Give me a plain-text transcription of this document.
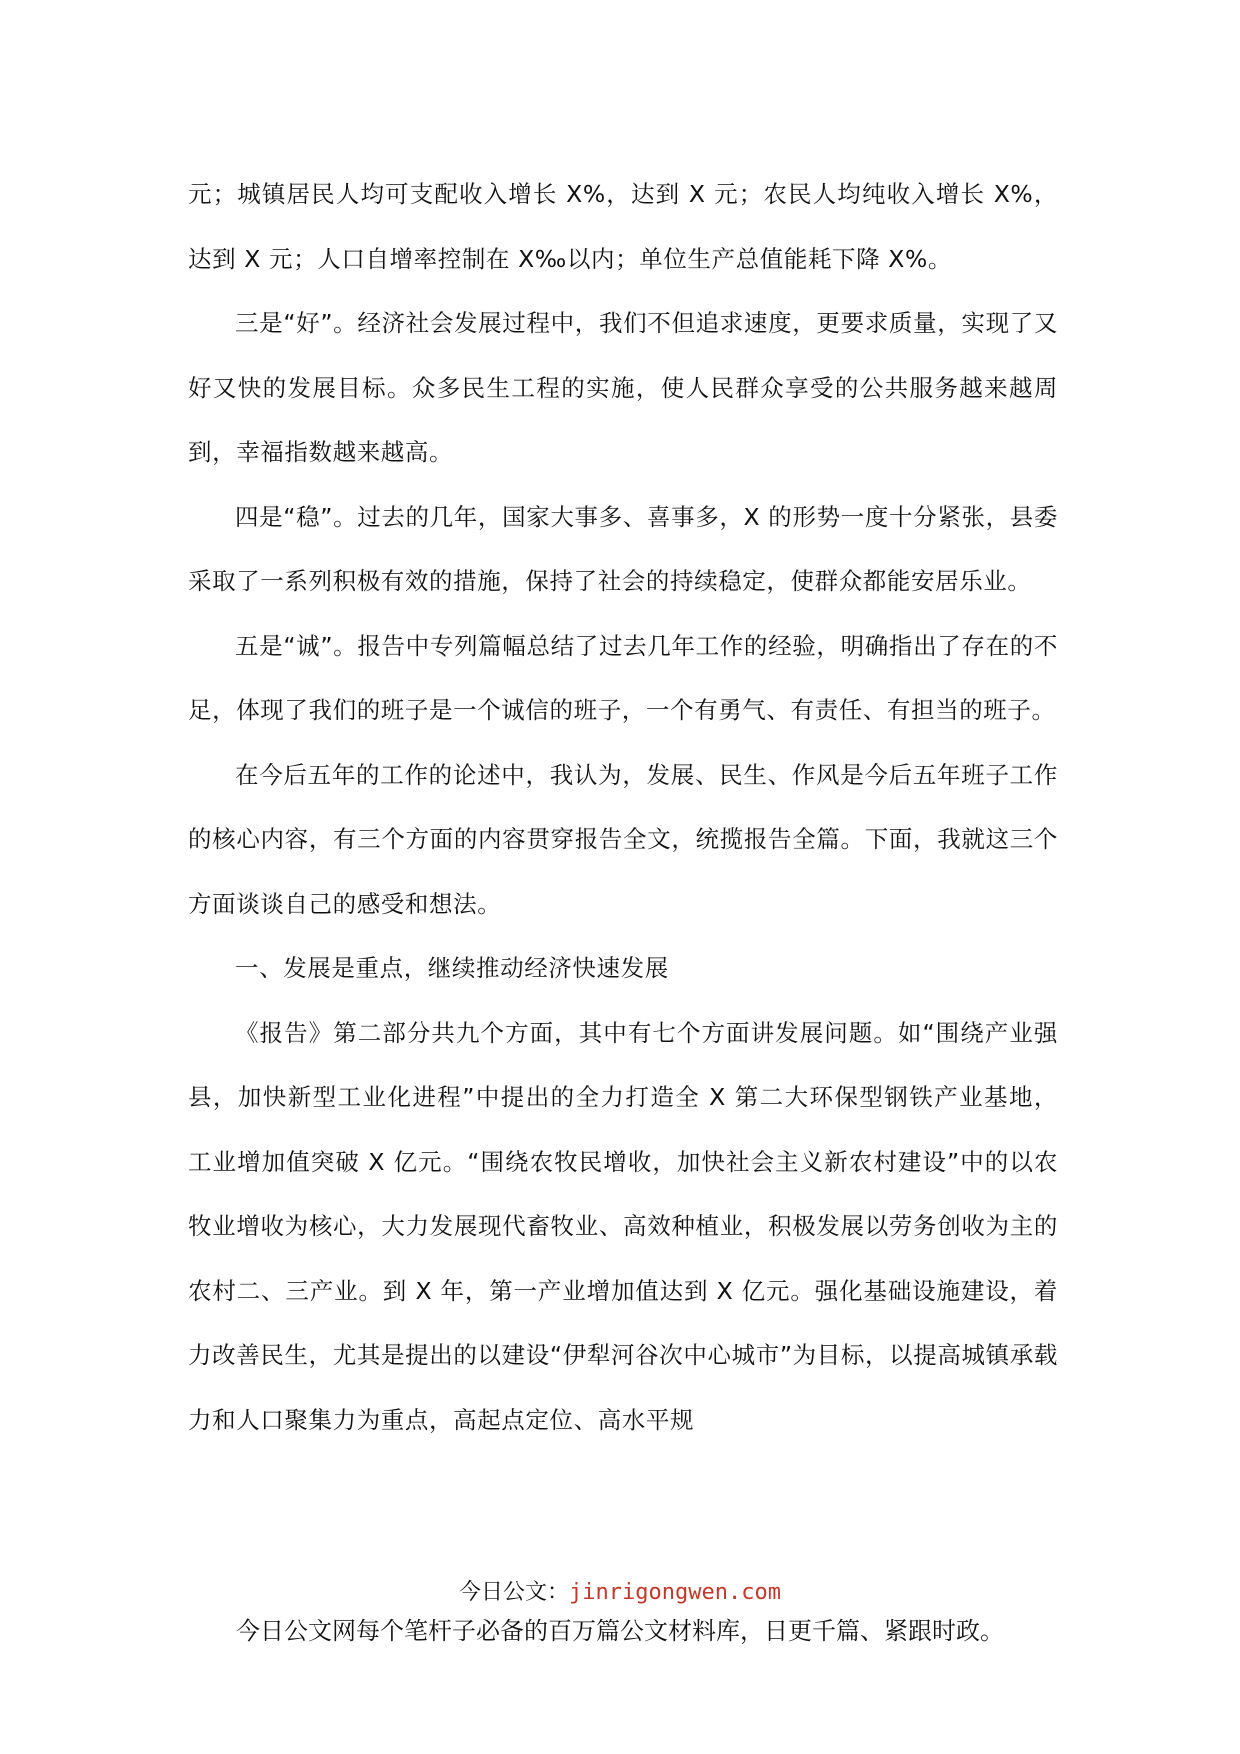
元；城镇居民人均可支配收入增长 X%，达到 X 元；农民人均纯收入增长 X%，达到 X 元；人口自增率控制在 X‰以内；单位生产总值能耗下降 X%。

三是“好”。经济社会发展过程中，我们不但追求速度，更要求质量，实现了又好又快的发展目标。众多民生工程的实施，使人民群众享受的公共服务越来越周到，幸福指数越来越高。

四是“稳”。过去的几年，国家大事多、喜事多，X 的形势一度十分紧张，县委采取了一系列积极有效的措施，保持了社会的持续稳定，使群众都能安居乐业。

五是“诚”。报告中专列篇幅总结了过去几年工作的经验，明确指出了存在的不足，体现了我们的班子是一个诚信的班子，一个有勇气、有责任、有担当的班子。

在今后五年的工作的论述中，我认为，发展、民生、作风是今后五年班子工作的核心内容，有三个方面的内容贯穿报告全文，统揽报告全篇。下面，我就这三个方面谈谈自己的感受和想法。

一、发展是重点，继续推动经济快速发展

《报告》第二部分共九个方面，其中有七个方面讲发展问题。如“围绕产业强县，加快新型工业化进程”中提出的全力打造全 X 第二大环保型钢铁产业基地， 工业增加值突破 X 亿元。“围绕农牧民增收，加快社会主义新农村建设”中的以农牧业增收为核心，大力发展现代畜牧业、高效种植业，积极发展以劳务创收为主的农村二、三产业。到 X 年，第一产业增加值达到 X 亿元。强化基础设施建设，着力改善民生，尤其是提出的以建设“伊犁河谷次中心城市”为目标，以提高城镇承载力和人口聚集力为重点，高起点定位、高水平规

今日公文：jinrigongwen.com
今日公文网每个笔杆子必备的百万篇公文材料库，日更千篇、紧跟时政。
